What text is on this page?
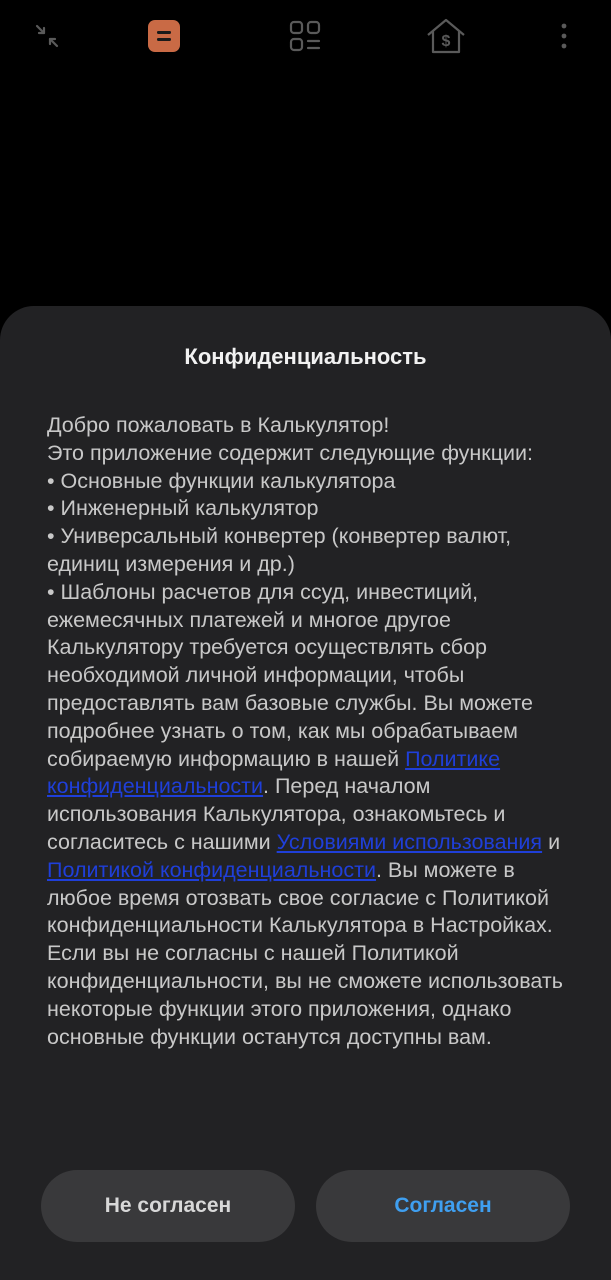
$
Конфиденциальность
Добро пожаловать в Калькулятор!
Это приложение содержит следующие функции:
• Основные функции калькулятора
• Инженерный калькулятор
• Универсальный конвертер (конвертер валют, единиц измерения и др.)
• Шаблоны расчетов для ссуд, инвестиций, ежемесячных платежей и многое другое
Калькулятору требуется осуществлять сбор необходимой личной информации, чтобы предоставлять вам базовые службы. Вы можете подробнее узнать о том, как мы обрабатываем собираемую информацию в нашей Политике конфиденциальности. Перед началом использования Калькулятора, ознакомьтесь и согласитесь с нашими Условиями использования и Политикой конфиденциальности. Вы можете в любое время отозвать свое согласие с Политикой конфиденциальности Калькулятора в Настройках. Если вы не согласны с нашей Политикой конфиденциальности, вы не сможете использовать некоторые функции этого приложения, однако основные функции останутся доступны вам.
Не согласен	Согласен
